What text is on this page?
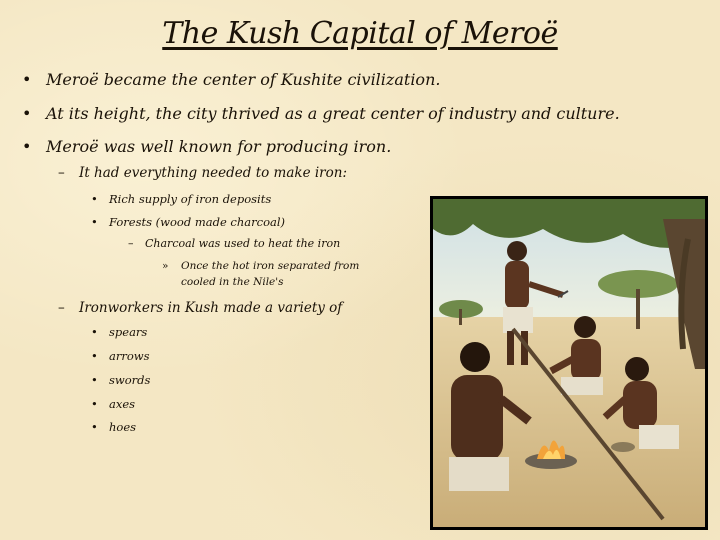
The Kush Capital of Meroë
• Meroë became the center of Kushite civilization.
• At its height, the city thrived as a great center of industry and culture.
• Meroë was well known for producing iron.
– It had everything needed to make iron:
• Rich supply of iron deposits
• Forests (wood made charcoal)
– Charcoal was used to heat the iron
» Once the hot iron separated from
cooled in the Nile's
– Ironworkers in Kush made a variety of
• spears
• arrows
• swords
• axes
• hoes
